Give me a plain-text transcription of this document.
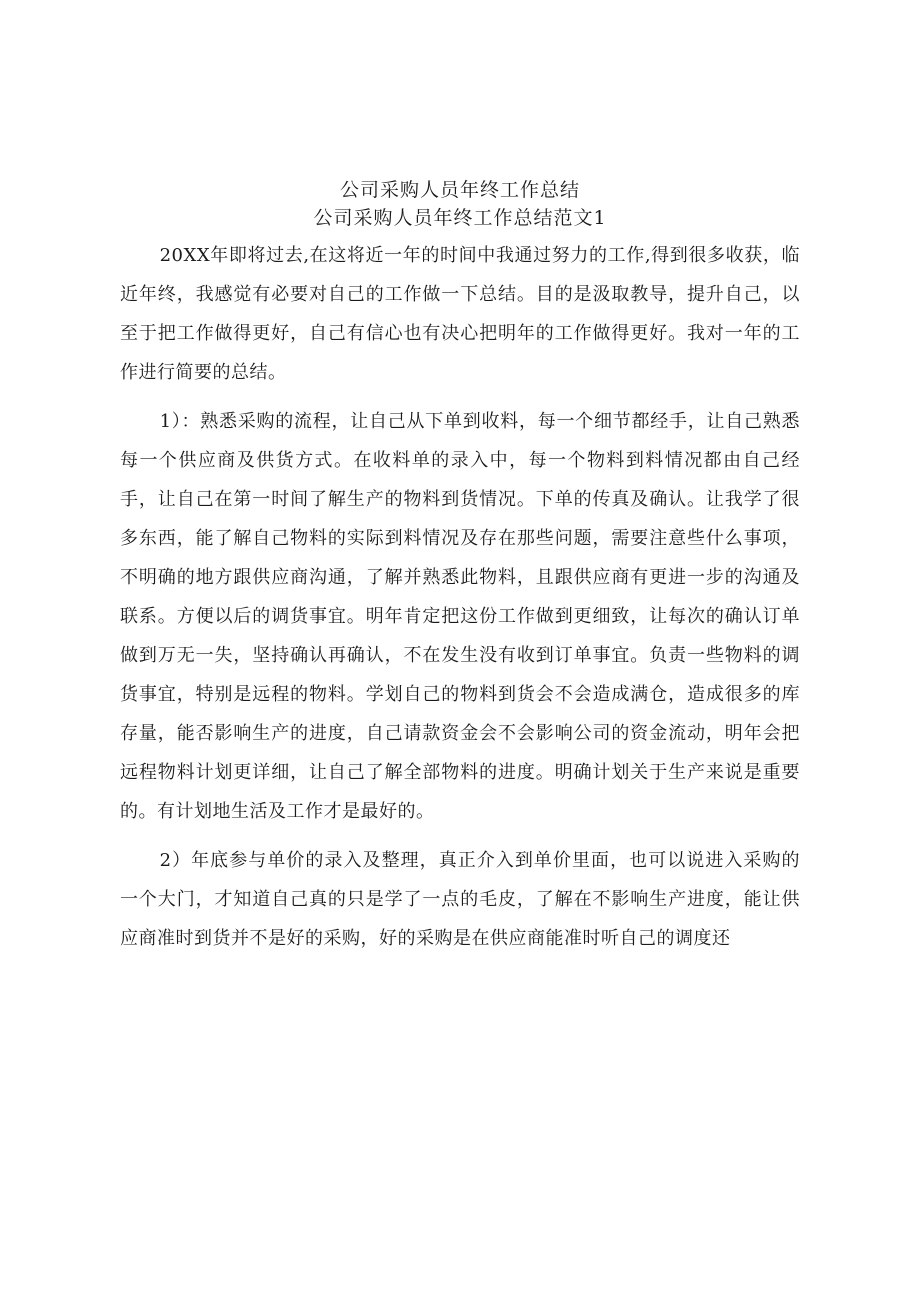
公司采购人员年终工作总结
公司采购人员年终工作总结范文1

20XX年即将过去,在这将近一年的时间中我通过努力的工作,得到很多收获，临近年终，我感觉有必要对自己的工作做一下总结。目的是汲取教导，提升自己，以至于把工作做得更好，自己有信心也有决心把明年的工作做得更好。我对一年的工作进行简要的总结。

1）：熟悉采购的流程，让自己从下单到收料，每一个细节都经手，让自己熟悉每一个供应商及供货方式。在收料单的录入中，每一个物料到料情况都由自己经手，让自己在第一时间了解生产的物料到货情况。下单的传真及确认。让我学了很多东西，能了解自己物料的实际到料情况及存在那些问题，需要注意些什么事项，不明确的地方跟供应商沟通，了解并熟悉此物料，且跟供应商有更进一步的沟通及联系。方便以后的调货事宜。明年肯定把这份工作做到更细致，让每次的确认订单做到万无一失，坚持确认再确认，不在发生没有收到订单事宜。负责一些物料的调货事宜，特别是远程的物料。学划自己的物料到货会不会造成满仓，造成很多的库存量，能否影响生产的进度，自己请款资金会不会影响公司的资金流动，明年会把远程物料计划更详细，让自己了解全部物料的进度。明确计划关于生产来说是重要的。有计划地生活及工作才是最好的。

2）年底参与单价的录入及整理，真正介入到单价里面，也可以说进入采购的一个大门，才知道自己真的只是学了一点的毛皮，了解在不影响生产进度，能让供应商准时到货并不是好的采购，好的采购是在供应商能准时听自己的调度还
